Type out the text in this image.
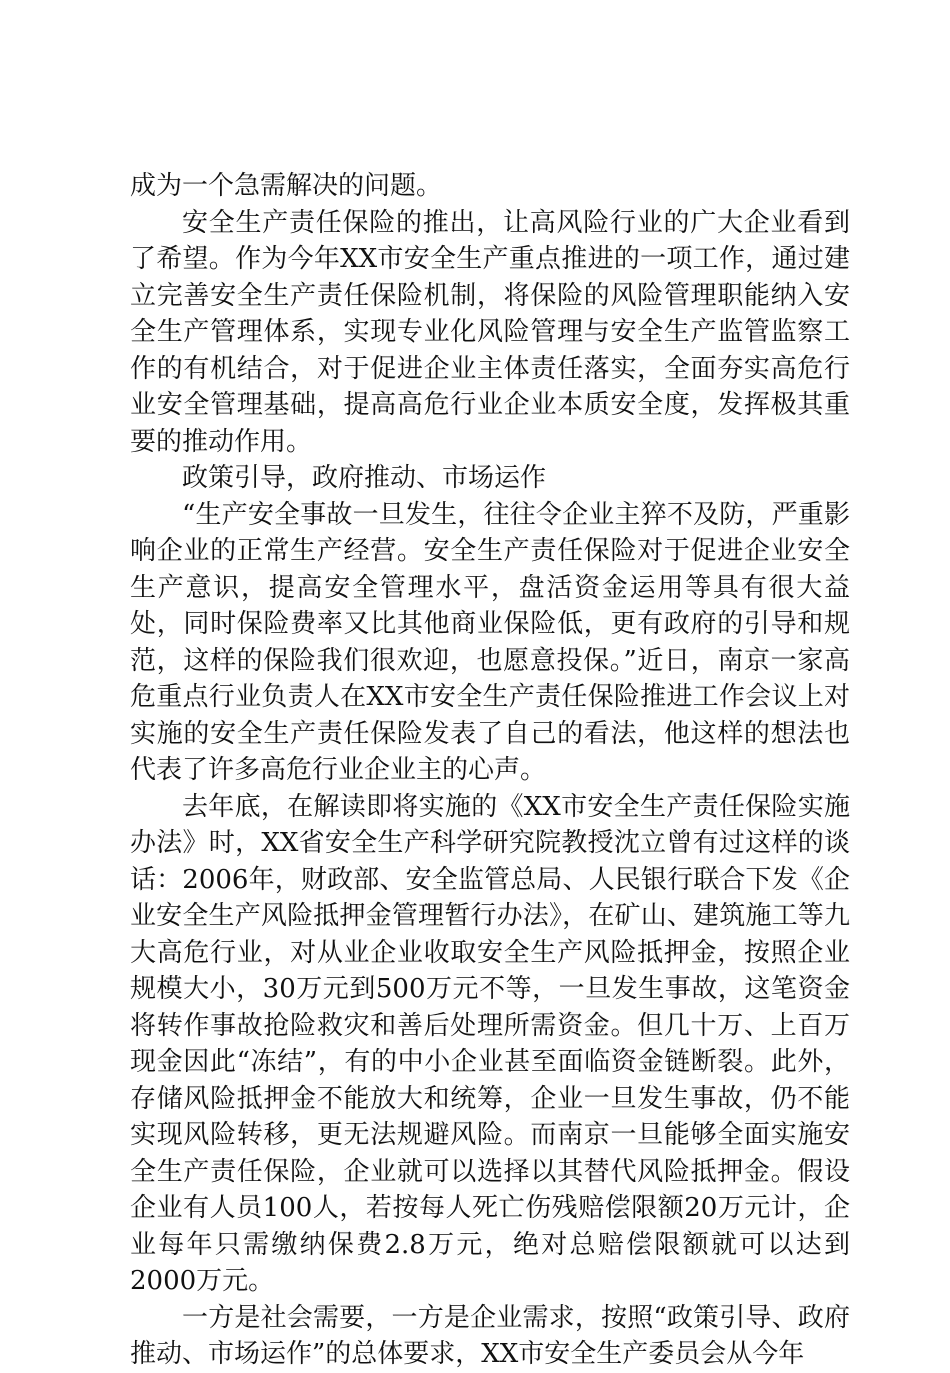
成为一个急需解决的问题。

安全生产责任保险的推出，让高风险行业的广大企业看到了希望。作为今年XX市安全生产重点推进的一项工作，通过建立完善安全生产责任保险机制，将保险的风险管理职能纳入安全生产管理体系，实现专业化风险管理与安全生产监管监察工作的有机结合，对于促进企业主体责任落实，全面夯实高危行业安全管理基础，提高高危行业企业本质安全度，发挥极其重要的推动作用。

政策引导，政府推动、市场运作

“生产安全事故一旦发生，往往令企业主猝不及防，严重影响企业的正常生产经营。安全生产责任保险对于促进企业安全生产意识，提高安全管理水平，盘活资金运用等具有很大益处，同时保险费率又比其他商业保险低，更有政府的引导和规范，这样的保险我们很欢迎，也愿意投保。”近日，南京一家高危重点行业负责人在XX市安全生产责任保险推进工作会议上对实施的安全生产责任保险发表了自己的看法，他这样的想法也代表了许多高危行业企业主的心声。

去年底，在解读即将实施的《XX市安全生产责任保险实施办法》时，XX省安全生产科学研究院教授沈立曾有过这样的谈话：2006年，财政部、安全监管总局、人民银行联合下发《企业安全生产风险抵押金管理暂行办法》，在矿山、建筑施工等九大高危行业，对从业企业收取安全生产风险抵押金，按照企业规模大小，30万元到500万元不等，一旦发生事故，这笔资金将转作事故抢险救灾和善后处理所需资金。但几十万、上百万现金因此“冻结”，有的中小企业甚至面临资金链断裂。此外，存储风险抵押金不能放大和统筹，企业一旦发生事故，仍不能实现风险转移，更无法规避风险。而南京一旦能够全面实施安全生产责任保险，企业就可以选择以其替代风险抵押金。假设企业有人员100人，若按每人死亡伤残赔偿限额20万元计，企业每年只需缴纳保费2.8万元，绝对总赔偿限额就可以达到2000万元。

一方是社会需要，一方是企业需求，按照“政策引导、政府推动、市场运作”的总体要求，XX市安全生产委员会从今年
